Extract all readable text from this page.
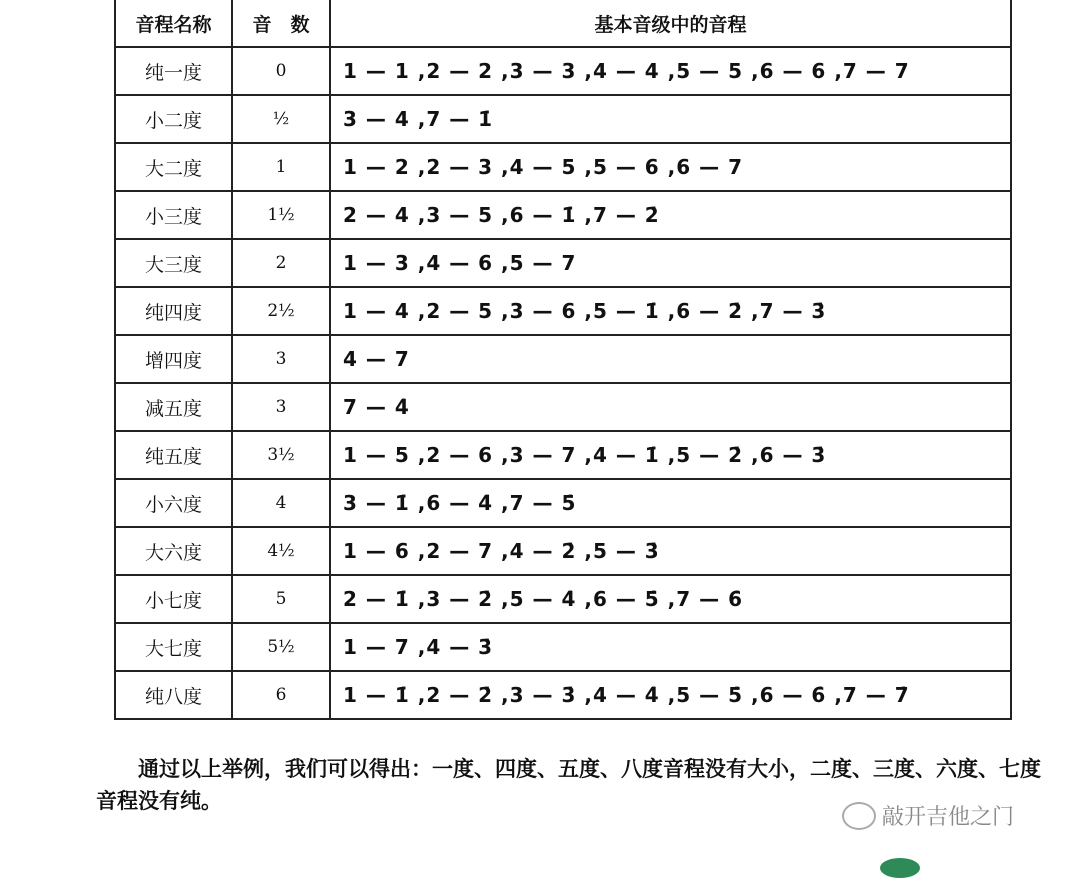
音程名称	音　数	基本音级中的音程
纯一度	0	1 — 1 ,2 — 2 ,3 — 3 ,4 — 4 ,5 — 5 ,6 — 6 ,7 — 7
小二度	½	3 — 4 ,7 — 1̇
大二度	1	1 — 2 ,2 — 3 ,4 — 5 ,5 — 6 ,6 — 7
小三度	1½	2 — 4 ,3 — 5 ,6 — 1̇ ,7 — 2̇
大三度	2	1 — 3 ,4 — 6 ,5 — 7
纯四度	2½	1 — 4 ,2 — 5 ,3 — 6 ,5 — 1̇ ,6 — 2̇ ,7 — 3̇
增四度	3	4 — 7
减五度	3	7 — 4̇
纯五度	3½	1 — 5 ,2 — 6 ,3 — 7 ,4 — 1̇ ,5 — 2̇ ,6 — 3̇
小六度	4	3 — 1̇ ,6 — 4̇ ,7 — 5̇
大六度	4½	1 — 6 ,2 — 7 ,4 — 2̇ ,5 — 3̇
小七度	5	2 — 1̇ ,3 — 2̇ ,5 — 4̇ ,6 — 5̇ ,7 — 6̇
大七度	5½	1 — 7 ,4 — 3̇
纯八度	6	1 — 1̇ ,2 — 2̇ ,3 — 3̇ ,4 — 4̇ ,5 — 5̇ ,6 — 6̇ ,7 — 7̇
通过以上举例，我们可以得出：一度、四度、五度、八度音程没有大小，二度、三度、六度、七度音程没有纯。
敲开吉他之门
